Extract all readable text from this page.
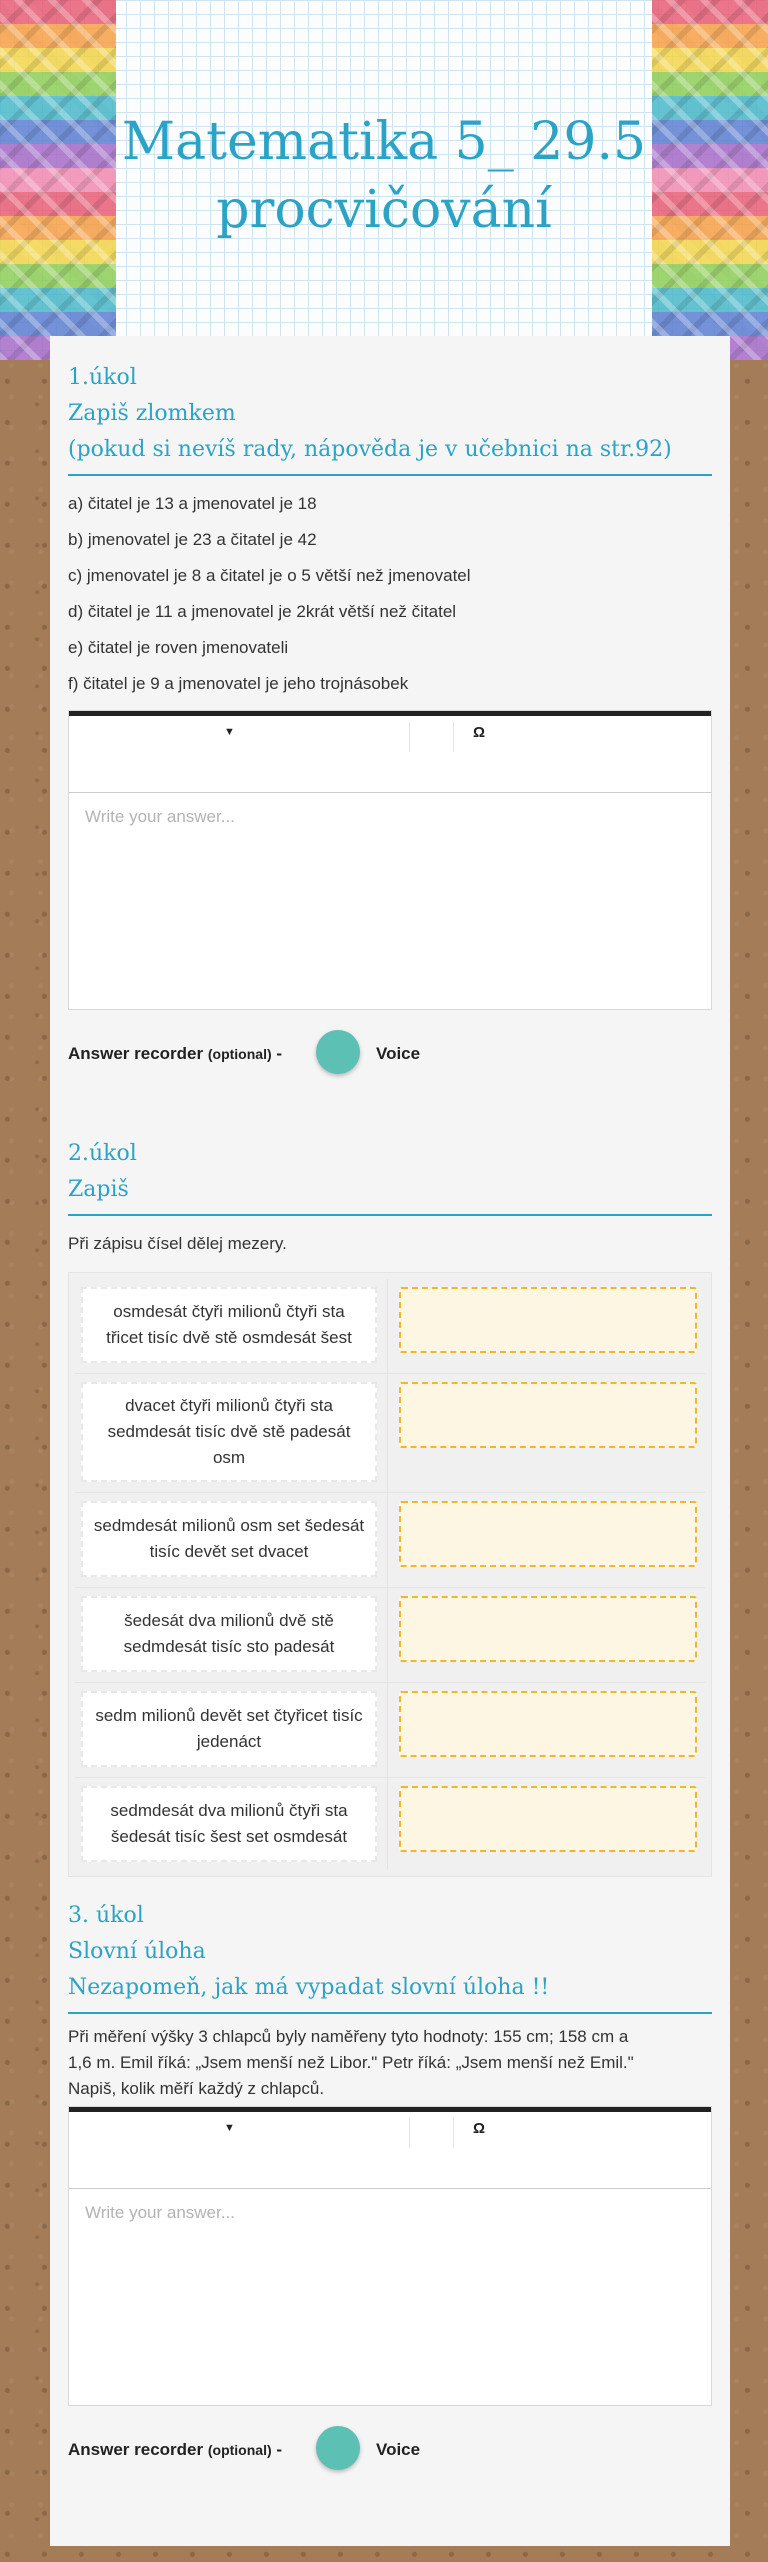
Matematika 5_ 29.5 procvičování
1.úkol
Zapiš zlomkem
(pokud si nevíš rady, nápověda je v učebnici na str.92)
a) čitatel je 13 a jmenovatel je 18
b) jmenovatel je 23 a čitatel je 42
c) jmenovatel je 8 a čitatel je o 5 větší než jmenovatel
d) čitatel je 11 a jmenovatel je 2krát větší než čitatel
e) čitatel je roven jmenovateli
f) čitatel je 9 a jmenovatel je jeho trojnásobek
▼	Ω
Write your answer...
Answer recorder (optional) -	Voice
2.úkol
Zapiš
Při zápisu čísel dělej mezery.
osmdesát čtyři milionů čtyři sta třicet tisíc dvě stě osmdesát šest
dvacet čtyři milionů čtyři sta sedmdesát tisíc dvě stě padesát osm
sedmdesát milionů osm set šedesát tisíc devět set dvacet
šedesát dva milionů dvě stě sedmdesát tisíc sto padesát
sedm milionů devět set čtyřicet tisíc jedenáct
sedmdesát dva milionů čtyři sta šedesát tisíc šest set osmdesát
3. úkol
Slovní úloha
Nezapomeň, jak má vypadat slovní úloha !!
Při měření výšky 3 chlapců byly naměřeny tyto hodnoty: 155 cm; 158 cm a
1,6 m. Emil říká: „Jsem menší než Libor." Petr říká: „Jsem menší než Emil."
Napiš, kolik měří každý z chlapců.
▼	Ω
Write your answer...
Answer recorder (optional) -	Voice
